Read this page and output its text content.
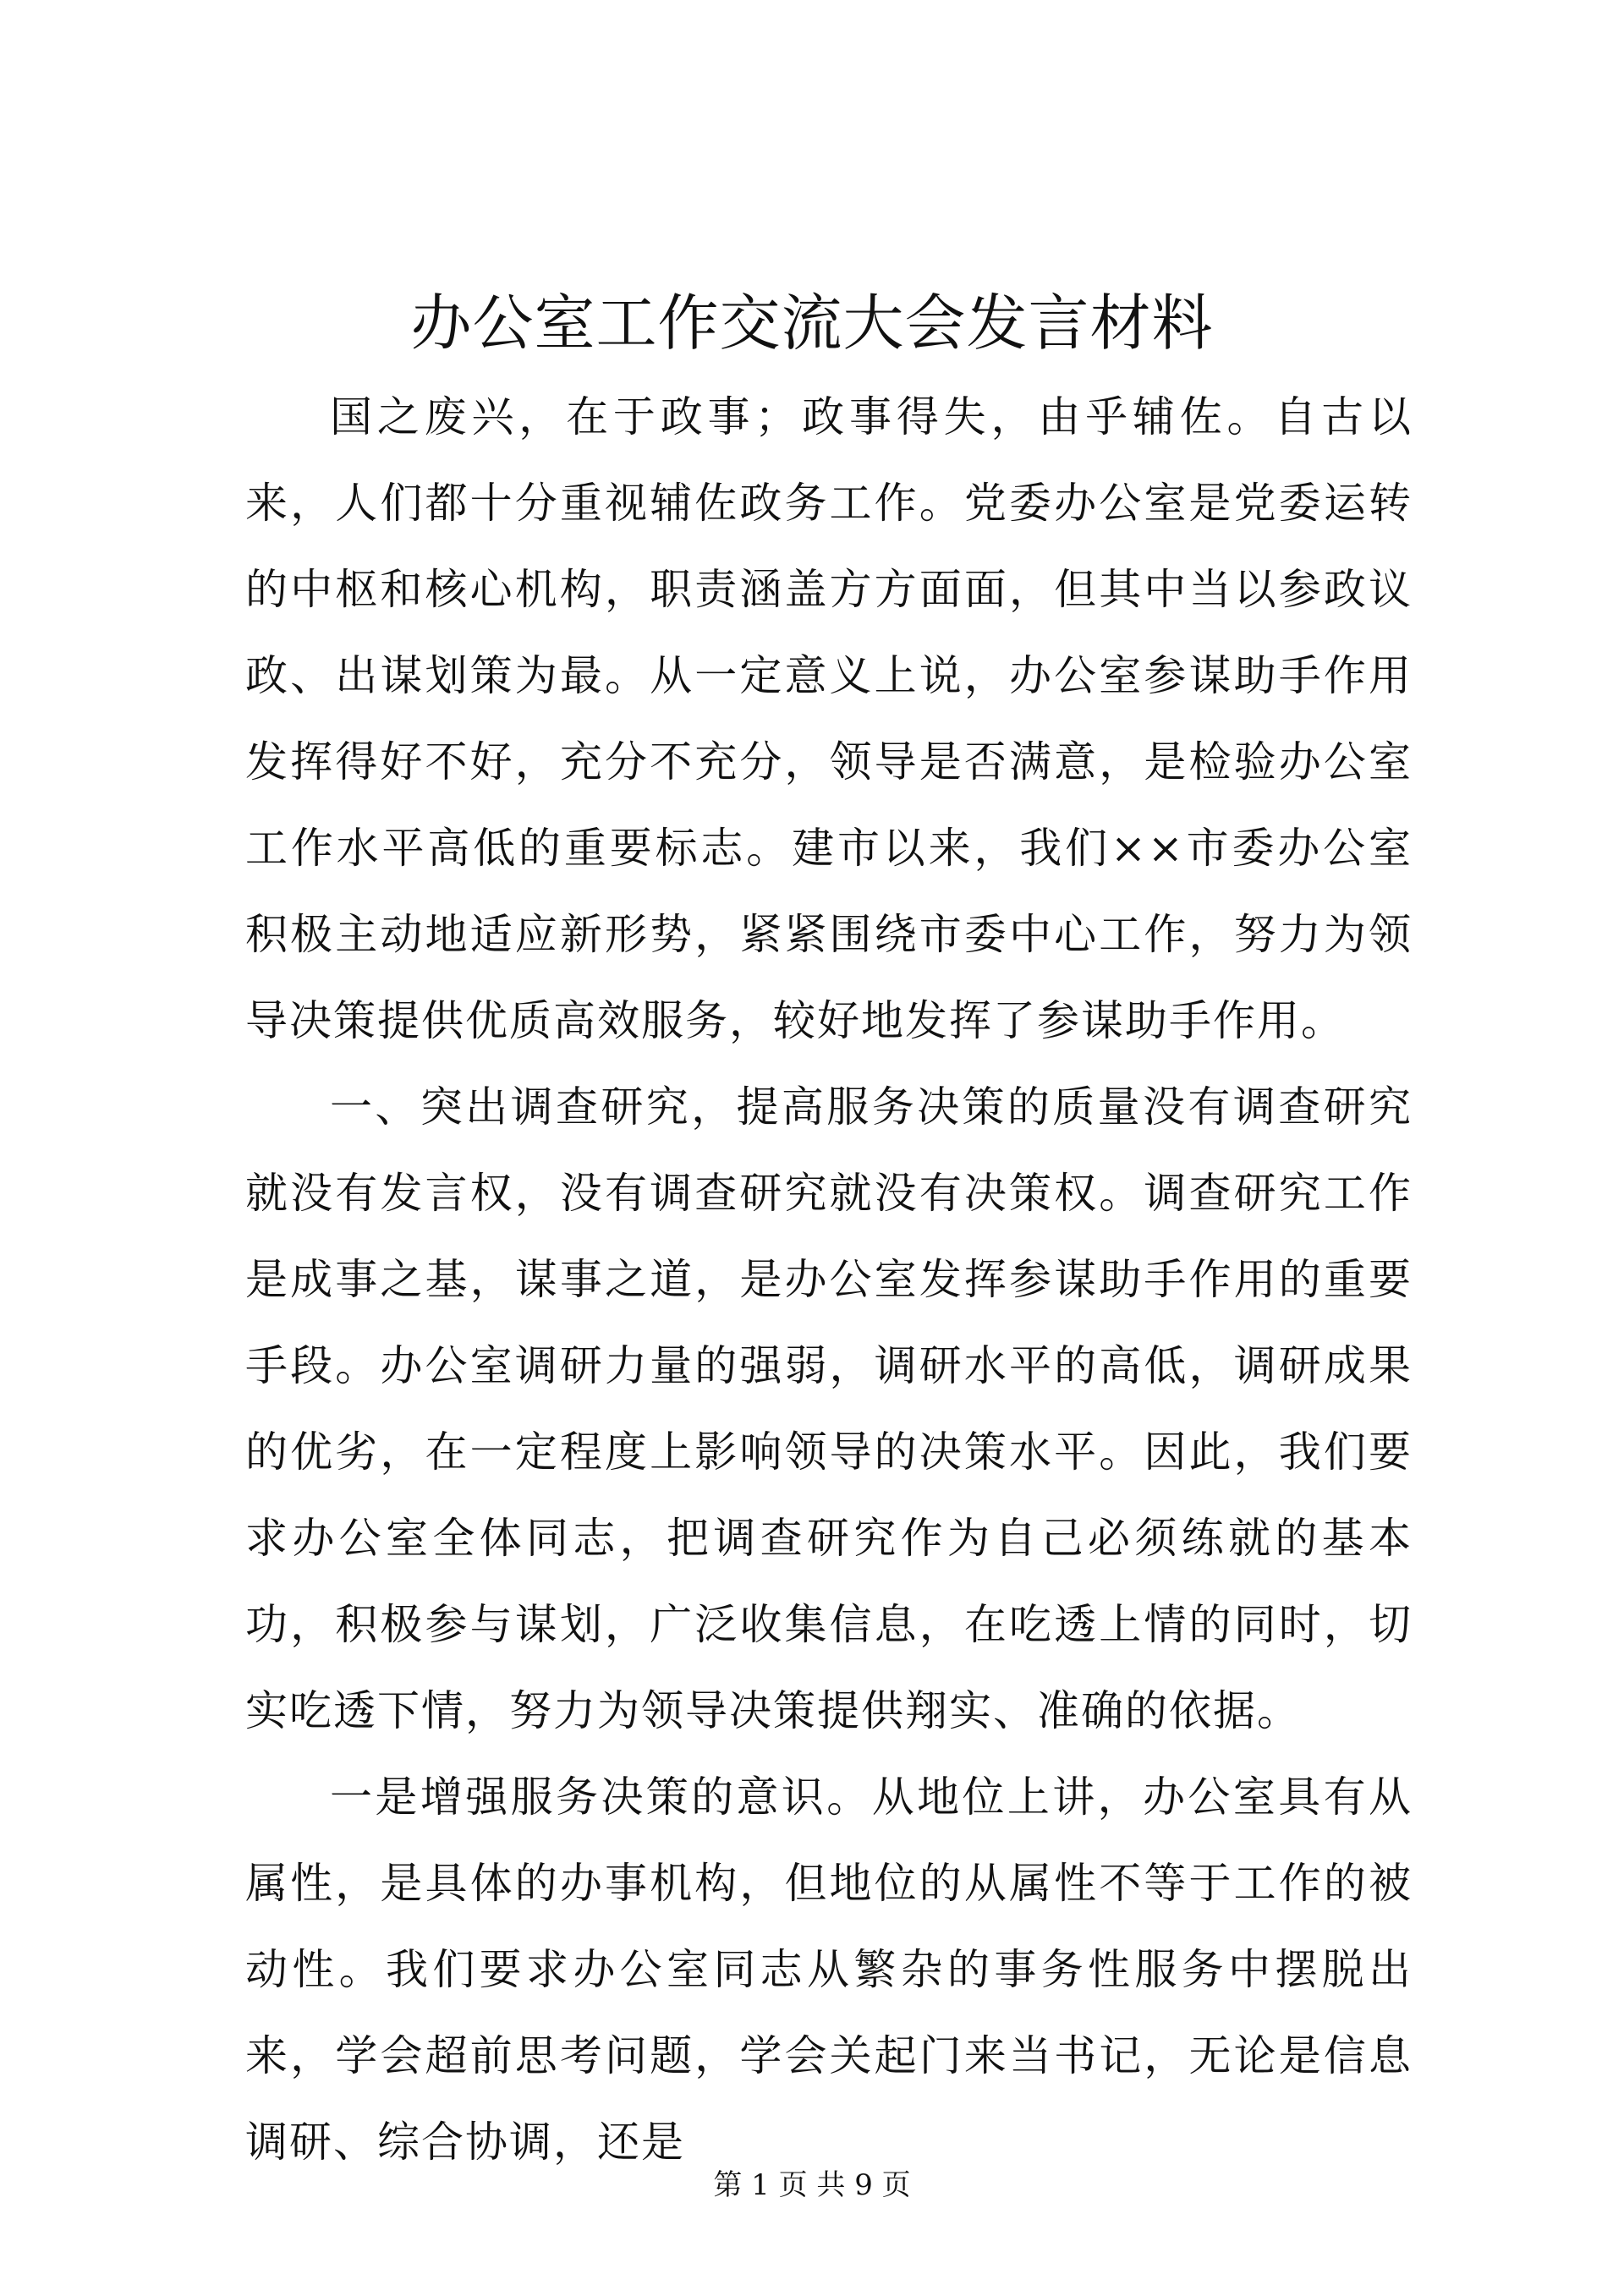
办公室工作交流大会发言材料

国之废兴，在于政事；政事得失，由乎辅佐。自古以来，人们都十分重视辅佐政务工作。党委办公室是党委运转的中枢和核心机构，职责涵盖方方面面，但其中当以参政议政、出谋划策为最。从一定意义上说，办公室参谋助手作用发挥得好不好，充分不充分，领导是否满意，是检验办公室工作水平高低的重要标志。建市以来，我们××市委办公室积极主动地适应新形势，紧紧围绕市委中心工作，努力为领导决策提供优质高效服务，较好地发挥了参谋助手作用。

一、突出调查研究，提高服务决策的质量没有调查研究就没有发言权，没有调查研究就没有决策权。调查研究工作是成事之基，谋事之道，是办公室发挥参谋助手作用的重要手段。办公室调研力量的强弱，调研水平的高低，调研成果的优劣，在一定程度上影响领导的决策水平。因此，我们要求办公室全体同志，把调查研究作为自己必须练就的基本功，积极参与谋划，广泛收集信息，在吃透上情的同时，切实吃透下情，努力为领导决策提供翔实、准确的依据。

一是增强服务决策的意识。从地位上讲，办公室具有从属性，是具体的办事机构，但地位的从属性不等于工作的被动性。我们要求办公室同志从繁杂的事务性服务中摆脱出来，学会超前思考问题，学会关起门来当书记，无论是信息调研、综合协调，还是

第 1 页 共 9 页
